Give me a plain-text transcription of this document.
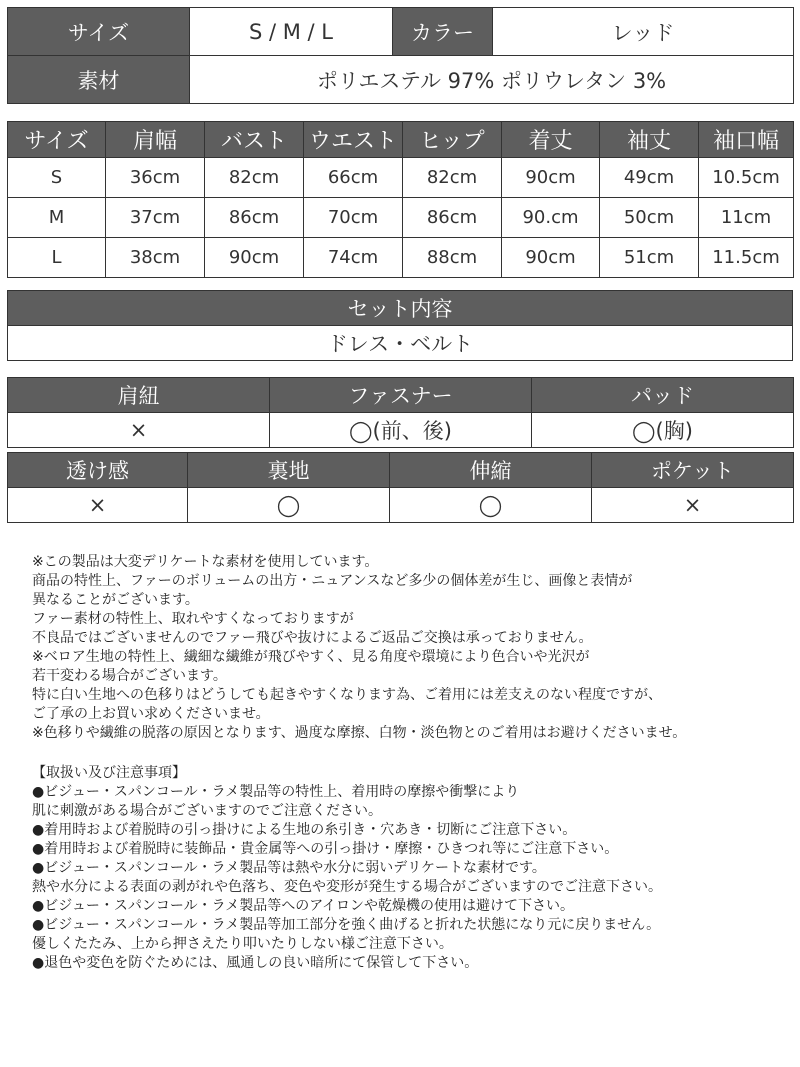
サイズ	S / M / L	カラー	レッド
素材	ポリエステル 97% ポリウレタン 3%		
サイズ	肩幅	バスト	ウエスト	ヒップ	着丈	袖丈	袖口幅
S	36cm	82cm	66cm	82cm	90cm	49cm	10.5cm
M	37cm	86cm	70cm	86cm	90.cm	50cm	11cm
L	38cm	90cm	74cm	88cm	90cm	51cm	11.5cm
セット内容
ドレス・ベルト
肩紐	ファスナー	パッド
×	◯(前、後)	◯(胸)
透け感	裏地	伸縮	ポケット
×	◯	◯	×
※この製品は大変デリケートな素材を使用しています。
商品の特性上、ファーのボリュームの出方・ニュアンスなど多少の個体差が生じ、画像と表情が
異なることがございます。
ファー素材の特性上、取れやすくなっておりますが
不良品ではございませんのでファー飛びや抜けによるご返品ご交換は承っておりません。
※ベロア生地の特性上、繊細な繊維が飛びやすく、見る角度や環境により色合いや光沢が
若干変わる場合がございます。
特に白い生地への色移りはどうしても起きやすくなります為、ご着用には差支えのない程度ですが、
ご了承の上お買い求めくださいませ。
※色移りや繊維の脱落の原因となります、過度な摩擦、白物・淡色物とのご着用はお避けくださいませ。
【取扱い及び注意事項】
●ビジュー・スパンコール・ラメ製品等の特性上、着用時の摩擦や衝撃により
肌に刺激がある場合がございますのでご注意ください。
●着用時および着脱時の引っ掛けによる生地の糸引き・穴あき・切断にご注意下さい。
●着用時および着脱時に装飾品・貴金属等への引っ掛け・摩擦・ひきつれ等にご注意下さい。
●ビジュー・スパンコール・ラメ製品等は熱や水分に弱いデリケートな素材です。
熱や水分による表面の剥がれや色落ち、変色や変形が発生する場合がございますのでご注意下さい。
●ビジュー・スパンコール・ラメ製品等へのアイロンや乾燥機の使用は避けて下さい。
●ビジュー・スパンコール・ラメ製品等加工部分を強く曲げると折れた状態になり元に戻りません。
優しくたたみ、上から押さえたり叩いたりしない様ご注意下さい。
●退色や変色を防ぐためには、風通しの良い暗所にて保管して下さい。
